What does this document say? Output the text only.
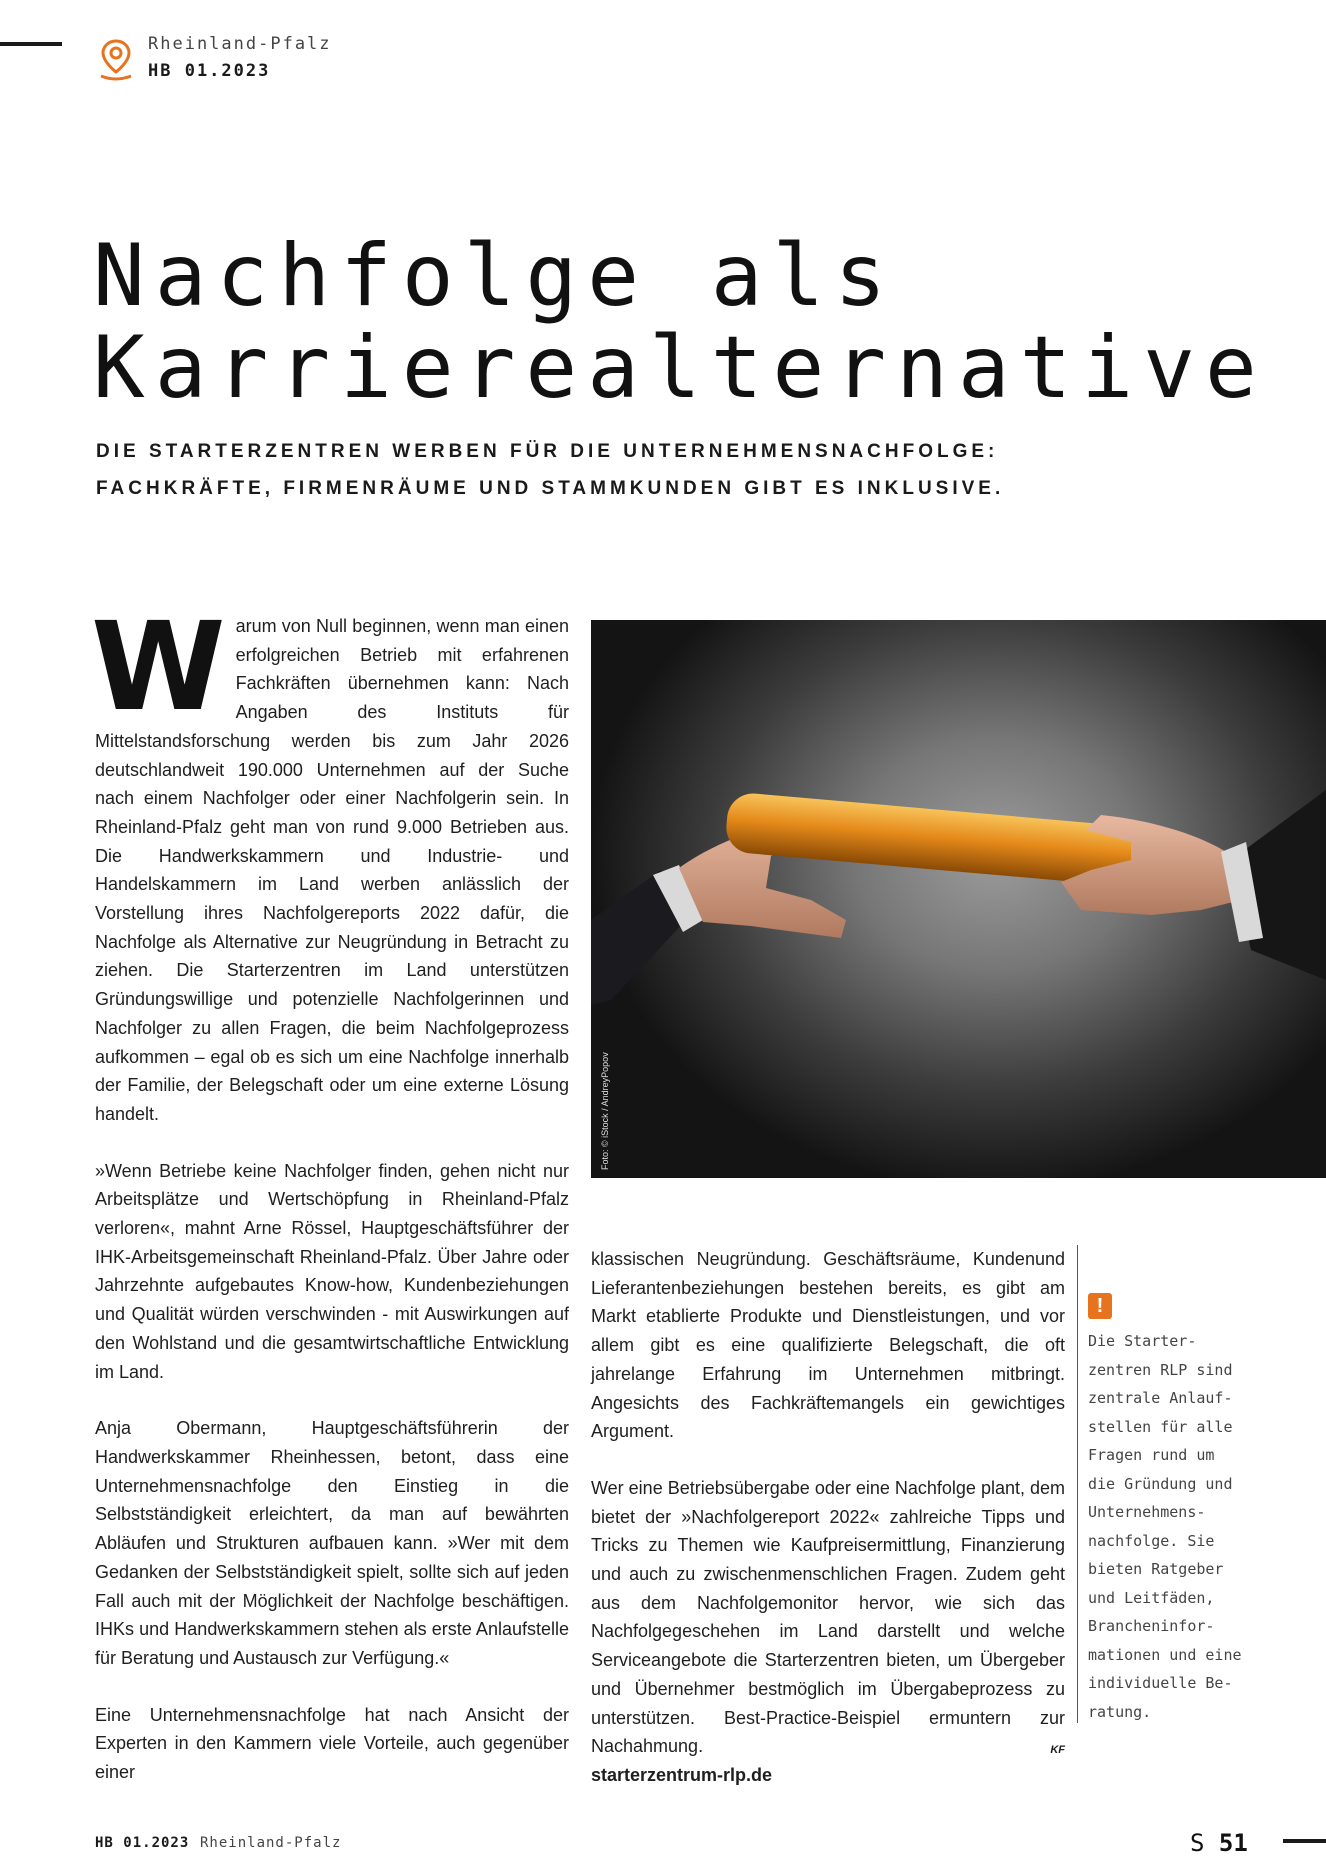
Rheinland-Pfalz
HB 01.2023
Nachfolge als
Karrierealternative
DIE STARTERZENTREN WERBEN FÜR DIE UNTERNEHMENSNACHFOLGE:
FACHKRÄFTE, FIRMENRÄUME UND STAMMKUNDEN GIBT ES INKLUSIVE.

Warum von Null beginnen, wenn man einen erfolgreichen Betrieb mit erfahrenen Fachkräften übernehmen kann: Nach Angaben des Instituts für Mittelstandsforschung werden bis zum Jahr 2026 deutschlandweit 190.000 Unternehmen auf der Suche nach einem Nachfolger oder einer Nachfolgerin sein. In Rheinland-Pfalz geht man von rund 9.000 Betrieben aus. Die Handwerkskammern und Industrie- und Handelskammern im Land werben anlässlich der Vorstellung ihres Nachfolgereports 2022 dafür, die Nachfolge als Alternative zur Neugründung in Betracht zu ziehen. Die Starterzentren im Land unterstützen Gründungswillige und potenzielle Nachfolgerinnen und Nachfolger zu allen Fragen, die beim Nachfolgeprozess aufkommen – egal ob es sich um eine Nachfolge innerhalb der Familie, der Belegschaft oder um eine externe Lösung handelt.

»Wenn Betriebe keine Nachfolger finden, gehen nicht nur Arbeitsplätze und Wertschöpfung in Rheinland-Pfalz verloren«, mahnt Arne Rössel, Hauptgeschäftsführer der IHK-Arbeitsgemeinschaft Rheinland-Pfalz. Über Jahre oder Jahrzehnte aufgebautes Know-how, Kundenbeziehungen und Qualität würden verschwinden - mit Auswirkungen auf den Wohlstand und die gesamtwirtschaftliche Entwicklung im Land.

Anja Obermann, Hauptgeschäftsführerin der Handwerkskammer Rheinhessen, betont, dass eine Unternehmensnachfolge den Einstieg in die Selbstständigkeit erleichtert, da man auf bewährten Abläufen und Strukturen aufbauen kann. »Wer mit dem Gedanken der Selbstständigkeit spielt, sollte sich auf jeden Fall auch mit der Möglichkeit der Nachfolge beschäftigen. IHKs und Handwerkskammern stehen als erste Anlaufstelle für Beratung und Austausch zur Verfügung.«

Eine Unternehmensnachfolge hat nach Ansicht der Experten in den Kammern viele Vorteile, auch gegenüber einer

Foto: © iStock / AndreyPopov

klassischen Neugründung. Geschäftsräume, Kundenund Lieferantenbeziehungen bestehen bereits, es gibt am Markt etablierte Produkte und Dienstleistungen, und vor allem gibt es eine qualifizierte Belegschaft, die oft jahrelange Erfahrung im Unternehmen mitbringt. Angesichts des Fachkräftemangels ein gewichtiges Argument.

Wer eine Betriebsübergabe oder eine Nachfolge plant, dem bietet der »Nachfolgereport 2022« zahlreiche Tipps und Tricks zu Themen wie Kaufpreisermittlung, Finanzierung und auch zu zwischenmenschlichen Fragen. Zudem geht aus dem Nachfolgemonitor hervor, wie sich das Nachfolgegeschehen im Land darstellt und welche Serviceangebote die Starterzentren bieten, um Übergeber und Übernehmer bestmöglich im Übergabeprozess zu unterstützen. Best-Practice-Beispiel ermuntern zur Nachahmung.	KF

starterzentrum-rlp.de
!
Die Starter-
zentren RLP sind
zentrale Anlauf-
stellen für alle
Fragen rund um
die Gründung und
Unternehmens-
nachfolge. Sie
bieten Ratgeber
und Leitfäden,
Brancheninfor-
mationen und eine
individuelle Be-
ratung.
HB 01.2023 Rheinland-Pfalz	S 51
